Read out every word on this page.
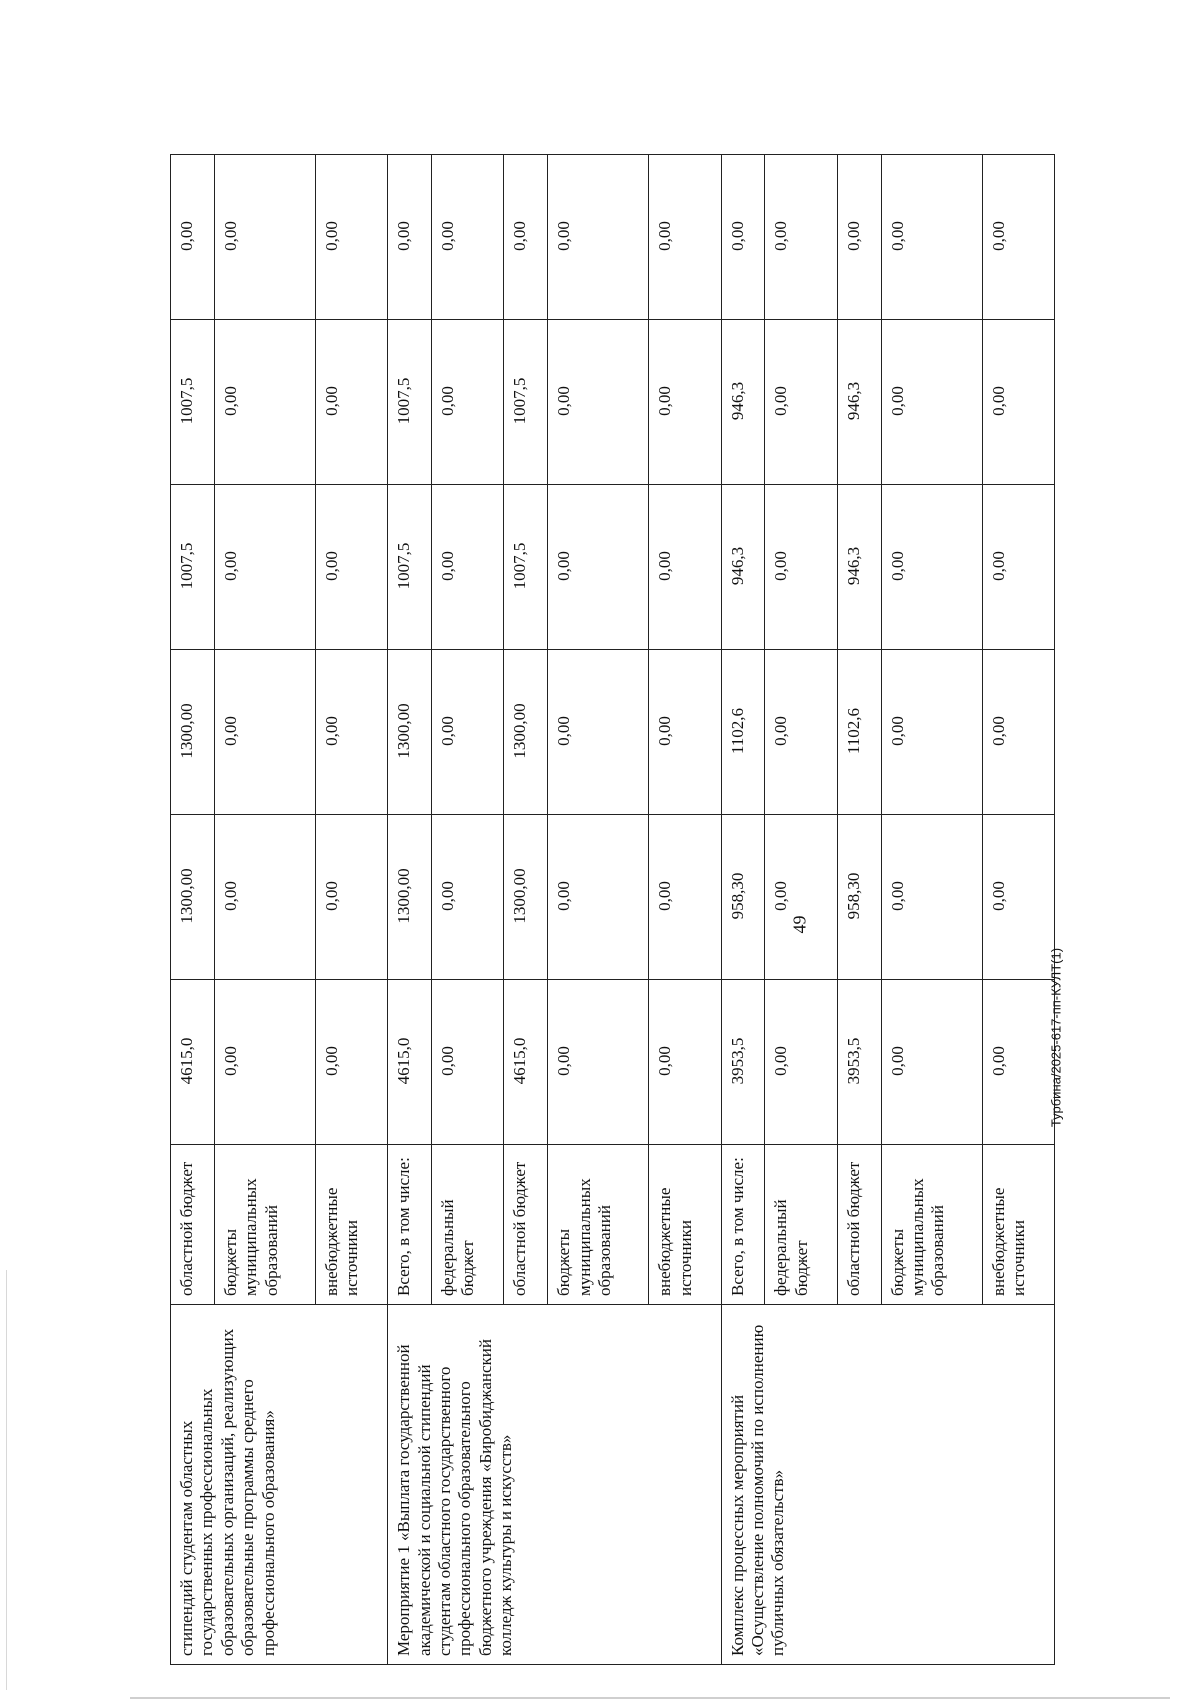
49
стипендий студентам областных государственных профессиональных образовательных организаций, реализующих образовательные программы среднего профессионального образования»	областной бюджет	4615,0	1300,00	1300,00	1007,5	1007,5	0,00
	бюджеты муниципальных образований	0,00	0,00	0,00	0,00	0,00	0,00
	внебюджетные источники	0,00	0,00	0,00	0,00	0,00	0,00
Мероприятие 1 «Выплата государственной академической и социальной стипендий студентам областного государственного профессионального образовательного бюджетного учреждения «Биробиджанский колледж культуры и искусств»	Всего, в том числе:	4615,0	1300,00	1300,00	1007,5	1007,5	0,00
	федеральный бюджет	0,00	0,00	0,00	0,00	0,00	0,00
	областной бюджет	4615,0	1300,00	1300,00	1007,5	1007,5	0,00
	бюджеты муниципальных образований	0,00	0,00	0,00	0,00	0,00	0,00
	внебюджетные источники	0,00	0,00	0,00	0,00	0,00	0,00
Комплекс процессных мероприятий «Осуществление полномочий по исполнению публичных обязательств»	Всего, в том числе:	3953,5	958,30	1102,6	946,3	946,3	0,00
	федеральный бюджет	0,00	0,00	0,00	0,00	0,00	0,00
	областной бюджет	3953,5	958,30	1102,6	946,3	946,3	0,00
	бюджеты муниципальных образований	0,00	0,00	0,00	0,00	0,00	0,00
	внебюджетные источники	0,00	0,00	0,00	0,00	0,00	0,00
Турбина/2025-617-пп-КУЛТ(1)
